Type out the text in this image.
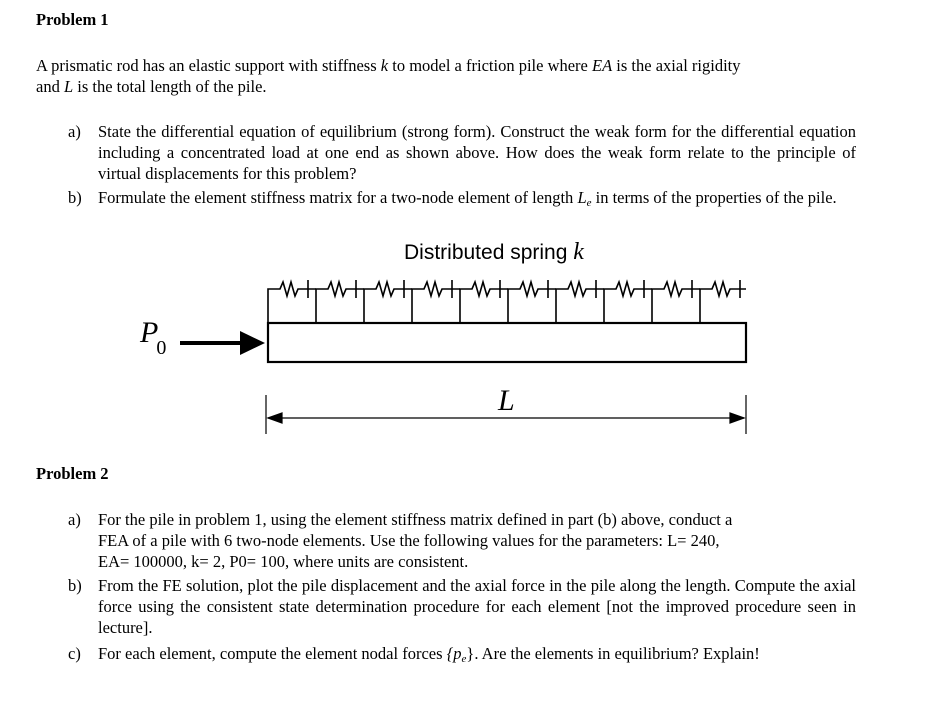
Problem 1
A prismatic rod has an elastic support with stiffness k to model a friction pile where EA is the axial rigidity
and L is the total length of the pile.
a) State the differential equation of equilibrium (strong form). Construct the weak form for the differential equation including a concentrated load at one end as shown above. How does the weak form relate to the principle of virtual displacements for this problem?
b) Formulate the element stiffness matrix for a two-node element of length Le in terms of the properties of the pile.
Distributed spring k
$P_0$
L
Problem 2
a) For the pile in problem 1, using the element stiffness matrix defined in part (b) above, conduct a
FEA of a pile with 6 two-node elements. Use the following values for the parameters: L= 240,
EA= 100000, k= 2, P0= 100, where units are consistent.
b) From the FE solution, plot the pile displacement and the axial force in the pile along the length. Compute the axial force using the consistent state determination procedure for each element [not the improved procedure seen in lecture].
c) For each element, compute the element nodal forces {pe}. Are the elements in equilibrium? Explain!
